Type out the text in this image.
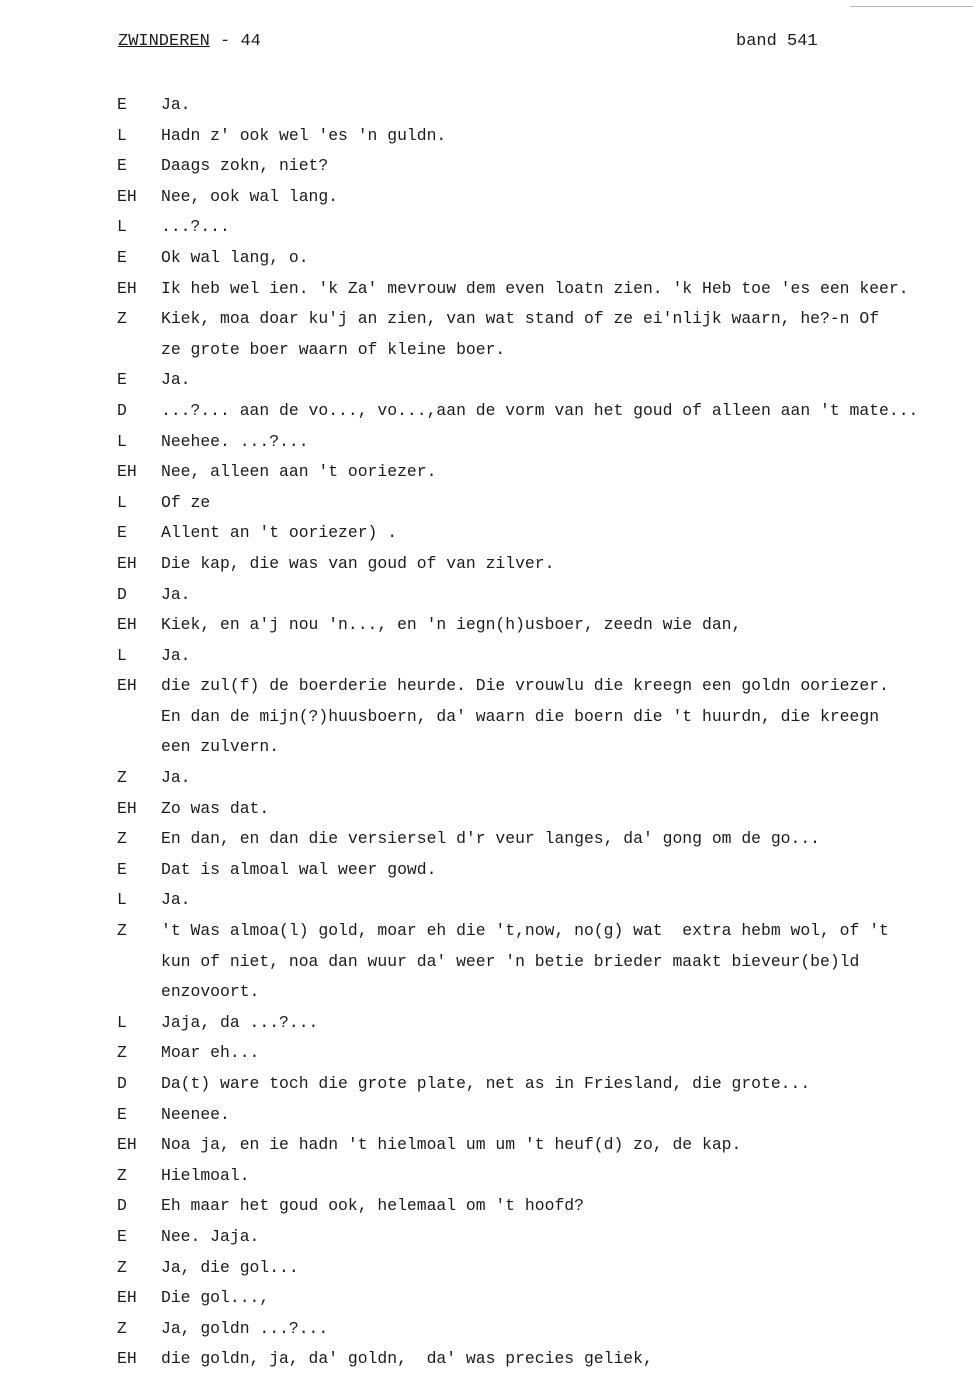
ZWINDEREN - 44	band 541
E	Ja.
L	Hadn z' ook wel 'es 'n guldn.
E	Daags zokn, niet?
EH	Nee, ook wal lang.
L	...?...
E	Ok wal lang, o.
EH	Ik heb wel ien. 'k Za' mevrouw dem even loatn zien. 'k Heb toe 'es een keer.
Z	Kiek, moa doar ku'j an zien, van wat stand of ze ei'nlijk waarn, he?-n Of
ze grote boer waarn of kleine boer.
E	Ja.
D	...?... aan de vo..., vo...,aan de vorm van het goud of alleen aan 't mate...
L	Neehee. ...?...
EH	Nee, alleen aan 't ooriezer.
L	Of ze
E	Allent an 't ooriezer) .
EH	Die kap, die was van goud of van zilver.
D	Ja.
EH	Kiek, en a'j nou 'n..., en 'n iegn(h)usboer, zeedn wie dan,
L	Ja.
EH	die zul(f) de boerderie heurde. Die vrouwlu die kreegn een goldn ooriezer.
En dan de mijn(?)huusboern, da' waarn die boern die 't huurdn, die kreegn
een zulvern.
Z	Ja.
EH	Zo was dat.
Z	En dan, en dan die versiersel d'r veur langes, da' gong om de go...
E	Dat is almoal wal weer gowd.
L	Ja.
Z	't Was almoa(l) gold, moar eh die 't,now, no(g) wat  extra hebm wol, of 't
kun of niet, noa dan wuur da' weer 'n betie brieder maakt bieveur(be)ld
enzovoort.
L	Jaja, da ...?...
Z	Moar eh...
D	Da(t) ware toch die grote plate, net as in Friesland, die grote...
E	Neenee.
EH	Noa ja, en ie hadn 't hielmoal um um 't heuf(d) zo, de kap.
Z	Hielmoal.
D	Eh maar het goud ook, helemaal om 't hoofd?
E	Nee. Jaja.
Z	Ja, die gol...
EH	Die gol...,
Z	Ja, goldn ...?...
EH	die goldn, ja, da' goldn,  da' was precies geliek,
